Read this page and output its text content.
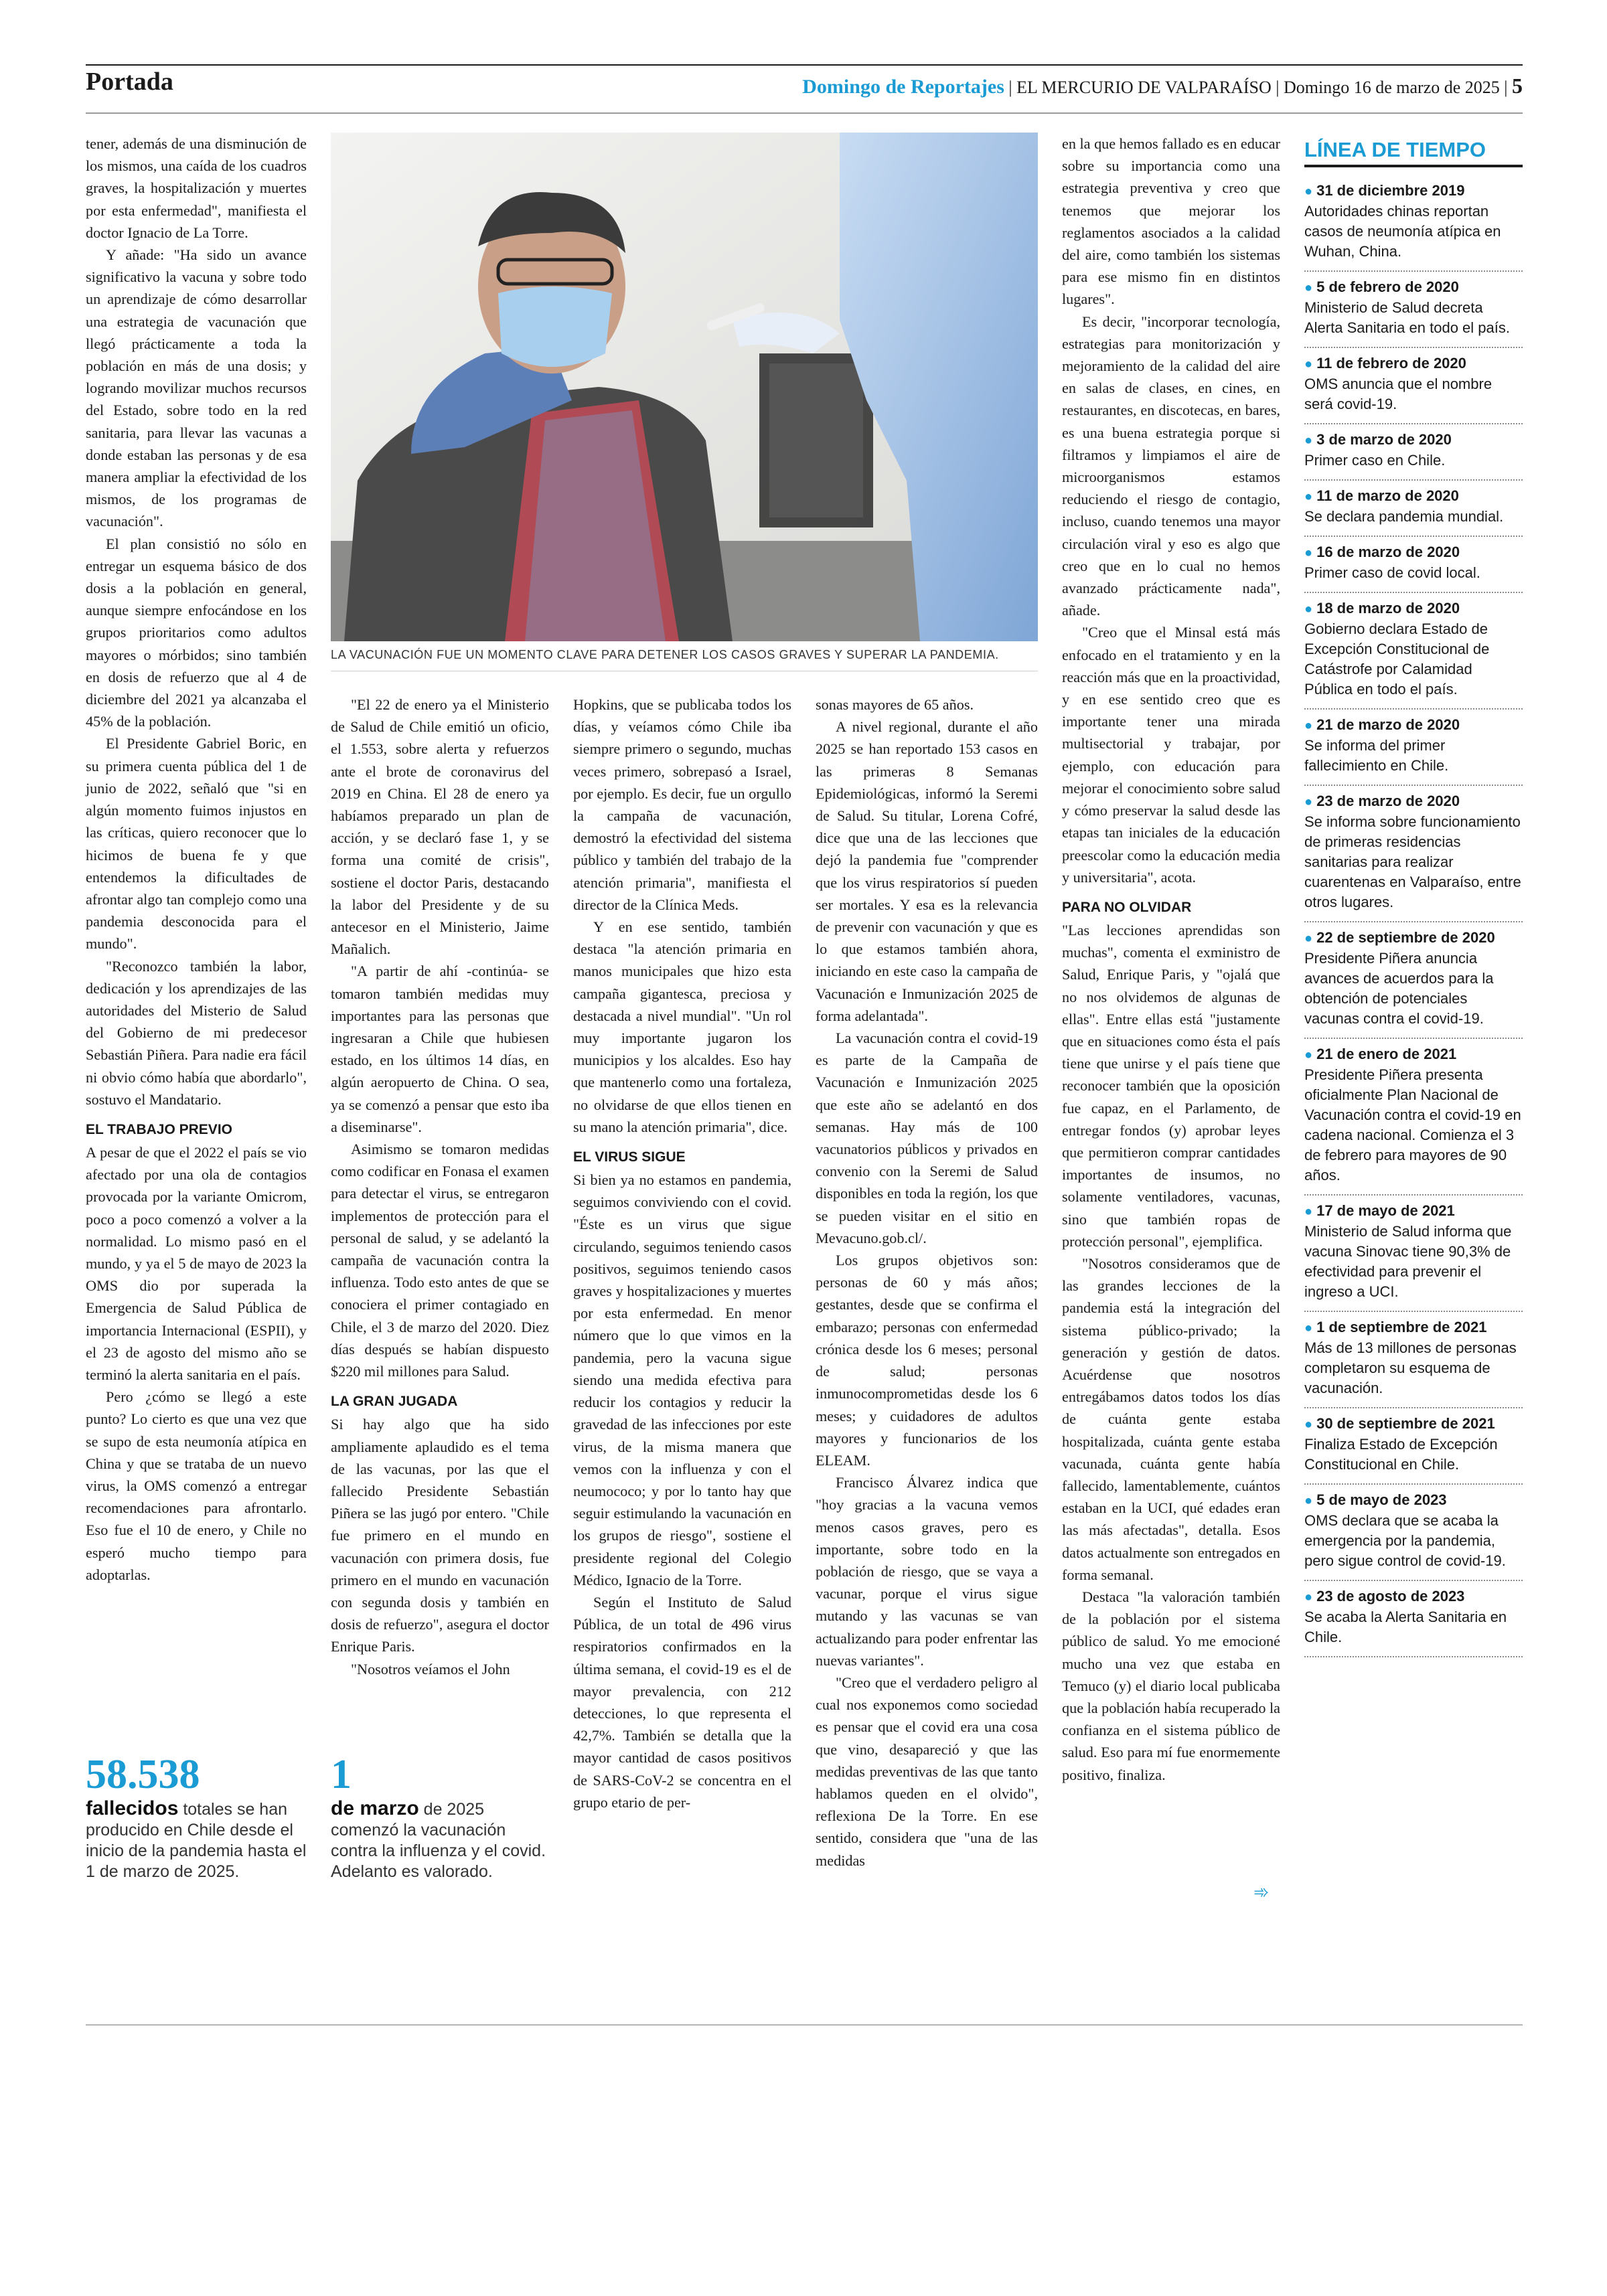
Portada	Domingo de Reportajes | EL MERCURIO DE VALPARAÍSO | Domingo 16 de marzo de 2025 | 5
LA VACUNACIÓN FUE UN MOMENTO CLAVE PARA DETENER LOS CASOS GRAVES Y SUPERAR LA PANDEMIA.

tener, además de una disminución de los mismos, una caída de los cuadros graves, la hospitalización y muertes por esta enfermedad", manifiesta el doctor Ignacio de La Torre.

Y añade: "Ha sido un avance significativo la vacuna y sobre todo un aprendizaje de cómo desarrollar una estrategia de vacunación que llegó prácticamente a toda la población en más de una dosis; y logrando movilizar muchos recursos del Estado, sobre todo en la red sanitaria, para llevar las vacunas a donde estaban las personas y de esa manera ampliar la efectividad de los mismos, de los programas de vacunación".

El plan consistió no sólo en entregar un esquema básico de dos dosis a la población en general, aunque siempre enfocándose en los grupos prioritarios como adultos mayores o mórbidos; sino también en dosis de refuerzo que al 4 de diciembre del 2021 ya alcanzaba el 45% de la población.

El Presidente Gabriel Boric, en su primera cuenta pública del 1 de junio de 2022, señaló que "si en algún momento fuimos injustos en las críticas, quiero reconocer que lo hicimos de buena fe y que entendemos la dificultades de afrontar algo tan complejo como una pandemia desconocida para el mundo".

"Reconozco también la labor, dedicación y los aprendizajes de las autoridades del Misterio de Salud del Gobierno de mi predecesor Sebastián Piñera. Para nadie era fácil ni obvio cómo había que abordarlo", sostuvo el Mandatario.

EL TRABAJO PREVIO

A pesar de que el 2022 el país se vio afectado por una ola de contagios provocada por la variante Omicrom, poco a poco comenzó a volver a la normalidad. Lo mismo pasó en el mundo, y ya el 5 de mayo de 2023 la OMS dio por superada la Emergencia de Salud Pública de importancia Internacional (ESPII), y el 23 de agosto del mismo año se terminó la alerta sanitaria en el país.

Pero ¿cómo se llegó a este punto? Lo cierto es que una vez que se supo de esta neumonía atípica en China y que se trataba de un nuevo virus, la OMS comenzó a entregar recomendaciones para afrontarlo. Eso fue el 10 de enero, y Chile no esperó mucho tiempo para adoptarlas.

"El 22 de enero ya el Ministerio de Salud de Chile emitió un oficio, el 1.553, sobre alerta y refuerzos ante el brote de coronavirus del 2019 en China. El 28 de enero ya habíamos preparado un plan de acción, y se declaró fase 1, y se forma una comité de crisis", sostiene el doctor Paris, destacando la labor del Presidente y de su antecesor en el Ministerio, Jaime Mañalich.

"A partir de ahí -continúa- se tomaron también medidas muy importantes para las personas que ingresaran a Chile que hubiesen estado, en los últimos 14 días, en algún aeropuerto de China. O sea, ya se comenzó a pensar que esto iba a diseminarse".

Asimismo se tomaron medidas como codificar en Fonasa el examen para detectar el virus, se entregaron implementos de protección para el personal de salud, y se adelantó la campaña de vacunación contra la influenza. Todo esto antes de que se conociera el primer contagiado en Chile, el 3 de marzo del 2020. Diez días después se habían dispuesto $220 mil millones para Salud.

LA GRAN JUGADA

Si hay algo que ha sido ampliamente aplaudido es el tema de las vacunas, por las que el fallecido Presidente Sebastián Piñera se las jugó por entero. "Chile fue primero en el mundo en vacunación con primera dosis, fue primero en el mundo en vacunación con segunda dosis y también en dosis de refuerzo", asegura el doctor Enrique Paris.

"Nosotros veíamos el John

Hopkins, que se publicaba todos los días, y veíamos cómo Chile iba siempre primero o segundo, muchas veces primero, sobrepasó a Israel, por ejemplo. Es decir, fue un orgullo la campaña de vacunación, demostró la efectividad del sistema público y también del trabajo de la atención primaria", manifiesta el director de la Clínica Meds.

Y en ese sentido, también destaca "la atención primaria en manos municipales que hizo esta campaña gigantesca, preciosa y destacada a nivel mundial". "Un rol muy importante jugaron los municipios y los alcaldes. Eso hay que mantenerlo como una fortaleza, no olvidarse de que ellos tienen en su mano la atención primaria", dice.

EL VIRUS SIGUE

Si bien ya no estamos en pandemia, seguimos conviviendo con el covid. "Éste es un virus que sigue circulando, seguimos teniendo casos positivos, seguimos teniendo casos graves y hospitalizaciones y muertes por esta enfermedad. En menor número que lo que vimos en la pandemia, pero la vacuna sigue siendo una medida efectiva para reducir los contagios y reducir la gravedad de las infecciones por este virus, de la misma manera que vemos con la influenza y con el neumococo; y por lo tanto hay que seguir estimulando la vacunación en los grupos de riesgo", sostiene el presidente regional del Colegio Médico, Ignacio de la Torre.

Según el Instituto de Salud Pública, de un total de 496 virus respiratorios confirmados en la última semana, el covid-19 es el de mayor prevalencia, con 212 detecciones, lo que representa el 42,7%. También se detalla que la mayor cantidad de casos positivos de SARS-CoV-2 se concentra en el grupo etario de per-

sonas mayores de 65 años.

A nivel regional, durante el año 2025 se han reportado 153 casos en las primeras 8 Semanas Epidemiológicas, informó la Seremi de Salud. Su titular, Lorena Cofré, dice que una de las lecciones que dejó la pandemia fue "comprender que los virus respiratorios sí pueden ser mortales. Y esa es la relevancia de prevenir con vacunación y que es lo que estamos también ahora, iniciando en este caso la campaña de Vacunación e Inmunización 2025 de forma adelantada".

La vacunación contra el covid-19 es parte de la Campaña de Vacunación e Inmunización 2025 que este año se adelantó en dos semanas. Hay más de 100 vacunatorios públicos y privados en convenio con la Seremi de Salud disponibles en toda la región, los que se pueden visitar en el sitio en Mevacuno.gob.cl/.

Los grupos objetivos son: personas de 60 y más años; gestantes, desde que se confirma el embarazo; personas con enfermedad crónica desde los 6 meses; personal de salud; personas inmunocomprometidas desde los 6 meses; y cuidadores de adultos mayores y funcionarios de los ELEAM.

Francisco Álvarez indica que "hoy gracias a la vacuna vemos menos casos graves, pero es importante, sobre todo en la población de riesgo, que se vaya a vacunar, porque el virus sigue mutando y las vacunas se van actualizando para poder enfrentar las nuevas variantes".

"Creo que el verdadero peligro al cual nos exponemos como sociedad es pensar que el covid era una cosa que vino, desapareció y que las medidas preventivas de las que tanto hablamos queden en el olvido", reflexiona De la Torre. En ese sentido, considera que "una de las medidas

en la que hemos fallado es en educar sobre su importancia como una estrategia preventiva y creo que tenemos que mejorar los reglamentos asociados a la calidad del aire, como también los sistemas para ese mismo fin en distintos lugares".

Es decir, "incorporar tecnología, estrategias para monitorización y mejoramiento de la calidad del aire en salas de clases, en cines, en restaurantes, en discotecas, en bares, es una buena estrategia porque si filtramos y limpiamos el aire de microorganismos estamos reduciendo el riesgo de contagio, incluso, cuando tenemos una mayor circulación viral y eso es algo que creo que en lo cual no hemos avanzado prácticamente nada", añade.

"Creo que el Minsal está más enfocado en el tratamiento y en la reacción más que en la proactividad, y en ese sentido creo que es importante tener una mirada multisectorial y trabajar, por ejemplo, con educación para mejorar el conocimiento sobre salud y cómo preservar la salud desde las etapas tan iniciales de la educación preescolar como la educación media y universitaria", acota.

PARA NO OLVIDAR

"Las lecciones aprendidas son muchas", comenta el exministro de Salud, Enrique Paris, y "ojalá que no nos olvidemos de algunas de ellas". Entre ellas está "justamente que en situaciones como ésta el país tiene que unirse y el país tiene que reconocer también que la oposición fue capaz, en el Parlamento, de entregar fondos (y) aprobar leyes que permitieron comprar cantidades importantes de insumos, no solamente ventiladores, vacunas, sino que también ropas de protección personal", ejemplifica.

"Nosotros consideramos que de las grandes lecciones de la pandemia está la integración del sistema público-privado; la generación y gestión de datos. Acuérdense que nosotros entregábamos datos todos los días de cuánta gente estaba hospitalizada, cuánta gente estaba vacunada, cuánta gente había fallecido, lamentablemente, cuántos estaban en la UCI, qué edades eran las más afectadas", detalla. Esos datos actualmente son entregados en forma semanal.

Destaca "la valoración también de la población por el sistema público de salud. Yo me emocioné mucho una vez que estaba en Temuco (y) el diario local publicaba que la población había recuperado la confianza en el sistema público de salud. Eso para mí fue enormemente positivo, finaliza.

➾
58.538
fallecidos totales se han producido en Chile desde el inicio de la pandemia hasta el 1 de marzo de 2025.
1
de marzo de 2025 comenzó la vacunación contra la influenza y el covid. Adelanto es valorado.
LÍNEA DE TIEMPO
● 31 de diciembre 2019
Autoridades chinas reportan casos de neumonía atípica en Wuhan, China.
● 5 de febrero de 2020
Ministerio de Salud decreta Alerta Sanitaria en todo el país.
● 11 de febrero de 2020
OMS anuncia que el nombre será covid-19.
● 3 de marzo de 2020
Primer caso en Chile.
● 11 de marzo de 2020
Se declara pandemia mundial.
● 16 de marzo de 2020
Primer caso de covid local.
● 18 de marzo de 2020
Gobierno declara Estado de Excepción Constitucional de Catástrofe por Calamidad Pública en todo el país.
● 21 de marzo de 2020
Se informa del primer fallecimiento en Chile.
● 23 de marzo de 2020
Se informa sobre funcionamiento de primeras residencias sanitarias para realizar cuarentenas en Valparaíso, entre otros lugares.
● 22 de septiembre de 2020
Presidente Piñera anuncia avances de acuerdos para la obtención de potenciales vacunas contra el covid-19.
● 21 de enero de 2021
Presidente Piñera presenta oficialmente Plan Nacional de Vacunación contra el covid-19 en cadena nacional. Comienza el 3 de febrero para mayores de 90 años.
● 17 de mayo de 2021
Ministerio de Salud informa que vacuna Sinovac tiene 90,3% de efectividad para prevenir el ingreso a UCI.
● 1 de septiembre de 2021
Más de 13 millones de personas completaron su esquema de vacunación.
● 30 de septiembre de 2021
Finaliza Estado de Excepción Constitucional en Chile.
● 5 de mayo de 2023
OMS declara que se acaba la emergencia por la pandemia, pero sigue control de covid-19.
● 23 de agosto de 2023
Se acaba la Alerta Sanitaria en Chile.
